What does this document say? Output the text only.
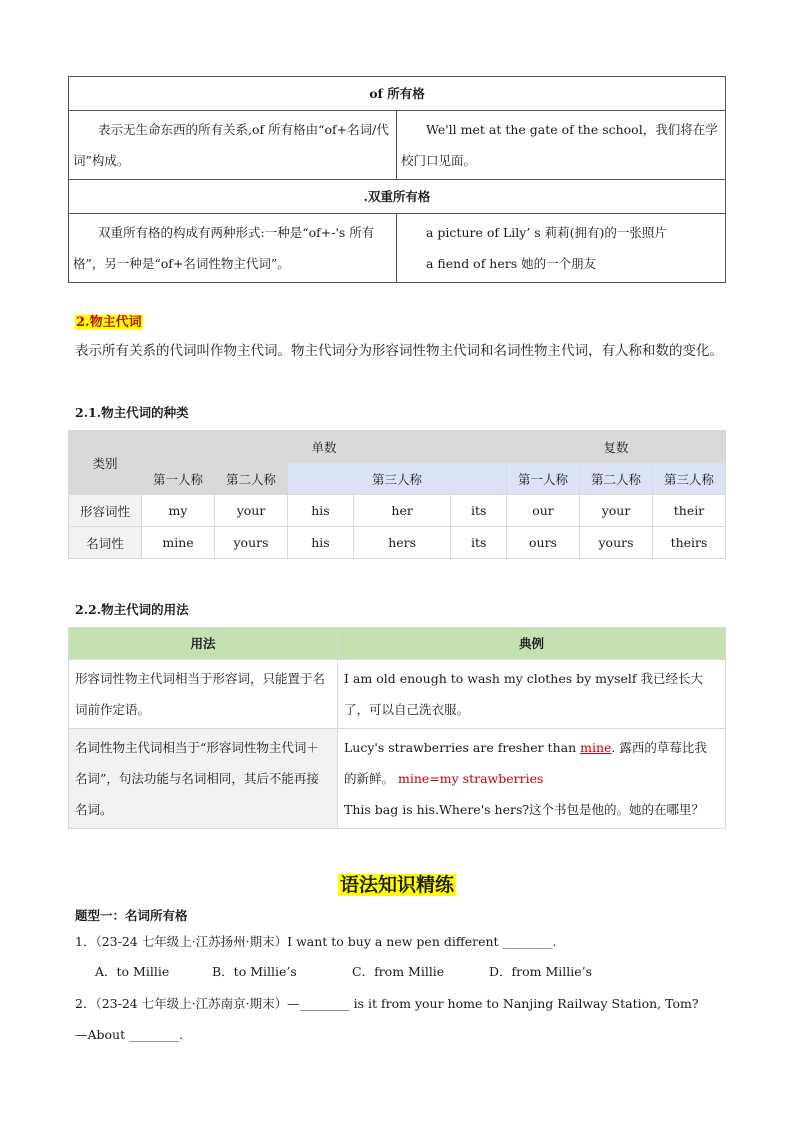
of 所有格	

表示无生命东西的所有关系,of 所有格由“of+名词/代词”构成。	We'll met at the gate of the school，我们将在学校门口见面。

.双重所有格	

双重所有格的构成有两种形式:一种是“of+-'s 所有格”，另一种是“of+名词性物主代词”。	a picture of Lily’ s 莉莉(拥有)的一张照片
a fiend of hers 她的一个朋友
2.物主代词
表示所有关系的代词叫作物主代词。物主代词分为形容词性物主代词和名词性物主代词，有人称和数的变化。
2.1.物主代词的种类
类别	单数					复数		
	第一人称	第二人称	第三人称			第一人称	第二人称	第三人称
形容词性	my	your	his	her	its	our	your	their
名词性	mine	yours	his	hers	its	ours	yours	theirs
2.2.物主代词的用法
用法	典例
形容词性物主代词相当于形容词，只能置于名词前作定语。	I am old enough to wash my clothes by myself 我已经长大了，可以自己洗衣服。
名词性物主代词相当于“形容词性物主代词＋名词”，句法功能与名词相同，其后不能再接名词。	Lucy's strawberries are fresher than mine. 露西的草莓比我的新鲜。 mine=my strawberries
This bag is his.Where's hers?这个书包是他的。她的在哪里？
语法知识精练
题型一：名词所有格
1．（23-24 七年级上·江苏扬州·期末）I want to buy a new pen different ________.
A．to Millie	B．to Millie’s	C．from Millie	D．from Millie’s
2．（23-24 七年级上·江苏南京·期末）—________ is it from your home to Nanjing Railway Station, Tom?
—About ________.
